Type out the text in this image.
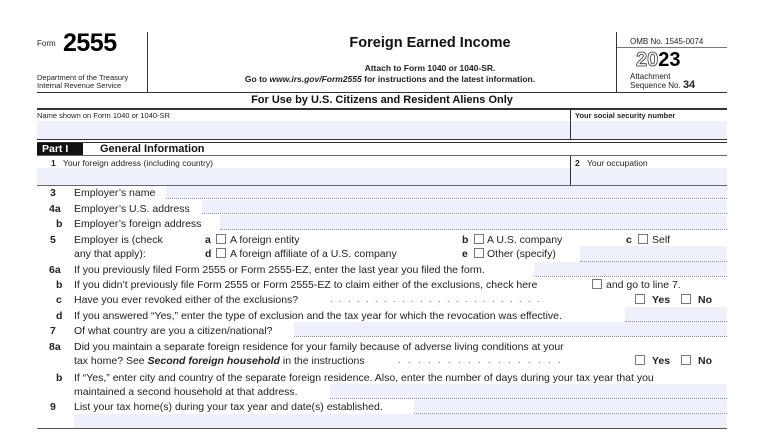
Form 2555
Department of the Treasury
Internal Revenue Service
Foreign Earned Income
Attach to Form 1040 or 1040-SR.
Go to www.irs.gov/Form2555 for instructions and the latest information.
OMB No. 1545-0074
2023
Attachment
Sequence No. 34
For Use by U.S. Citizens and Resident Aliens Only
Name shown on Form 1040 or 1040-SR	Your social security number
Part I	General Information
1 Your foreign address (including country)	2 Your occupation
3 Employer’s name
4a Employer’s U.S. address
b Employer’s foreign address
5 Employer is (check
any that apply):
a A foreign entity	b A U.S. company	c Self
d A foreign affiliate of a U.S. company	e Other (specify)
6a If you previously filed Form 2555 or Form 2555-EZ, enter the last year you filed the form.
b If you didn’t previously file Form 2555 or Form 2555-EZ to claim either of the exclusions, check here	and go to line 7.
c Have you ever revoked either of the exclusions?	. . . . . . . . . . . . . . . . . . . . . . . .	Yes	No
d If you answered “Yes,” enter the type of exclusion and the tax year for which the revocation was effective.
7 Of what country are you a citizen/national?
8a Did you maintain a separate foreign residence for your family because of adverse living conditions at your
tax home? See Second foreign household in the instructions	. . . . . . . . . . . . . . . . .	Yes	No
b If “Yes,” enter city and country of the separate foreign residence. Also, enter the number of days during your tax year that you
maintained a second household at that address.
9 List your tax home(s) during your tax year and date(s) established.
